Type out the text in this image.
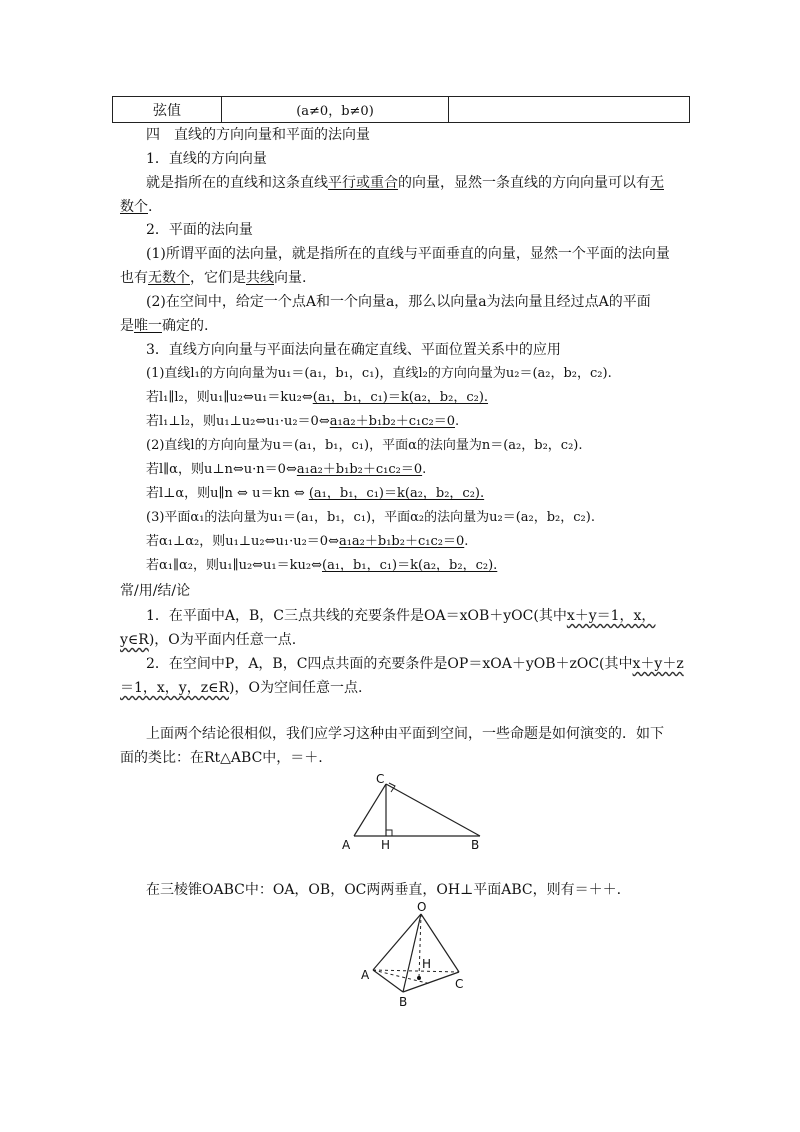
弦值	(a≠0，b≠0)	
四　直线的方向向量和平面的法向量
1．直线的方向向量
就是指所在的直线和这条直线平行或重合的向量，显然一条直线的方向向量可以有无
数个.
2．平面的法向量
(1)所谓平面的法向量，就是指所在的直线与平面垂直的向量，显然一个平面的法向量
也有无数个，它们是共线向量.
(2)在空间中，给定一个点A和一个向量a，那么以向量a为法向量且经过点A的平面
是唯一确定的.
3．直线方向向量与平面法向量在确定直线、平面位置关系中的应用
(1)直线l₁的方向向量为u₁＝(a₁，b₁，c₁)，直线l₂的方向向量为u₂＝(a₂，b₂，c₂).
若l₁∥l₂，则u₁∥u₂⇔u₁＝ku₂⇔(a₁，b₁，c₁)＝k(a₂，b₂，c₂).
若l₁⊥l₂，则u₁⊥u₂⇔u₁·u₂＝0⇔a₁a₂＋b₁b₂＋c₁c₂＝0.
(2)直线l的方向向量为u＝(a₁，b₁，c₁)，平面α的法向量为n＝(a₂，b₂，c₂).
若l∥α，则u⊥n⇔u·n＝0⇔a₁a₂＋b₁b₂＋c₁c₂＝0.
若l⊥α，则u∥n ⇔ u＝kn ⇔ (a₁，b₁，c₁)＝k(a₂，b₂，c₂).
(3)平面α₁的法向量为u₁＝(a₁，b₁，c₁)，平面α₂的法向量为u₂＝(a₂，b₂，c₂).
若α₁⊥α₂，则u₁⊥u₂⇔u₁·u₂＝0⇔a₁a₂＋b₁b₂＋c₁c₂＝0.
若α₁∥α₂，则u₁∥u₂⇔u₁＝ku₂⇔(a₁，b₁，c₁)＝k(a₂，b₂，c₂).
常/用/结/论
1．在平面中A，B，C三点共线的充要条件是OA＝xOB＋yOC(其中x＋y＝1，x，
y∈R)，O为平面内任意一点.
2．在空间中P，A，B，C四点共面的充要条件是OP＝xOA＋yOB＋zOC(其中x＋y＋z
＝1，x，y，z∈R)，O为空间任意一点.
上面两个结论很相似，我们应学习这种由平面到空间，一些命题是如何演变的．如下
面的类比：在Rt△ABC中，＝＋.
A	B
C
H
在三棱锥OABC中：OA，OB，OC两两垂直，OH⊥平面ABC，则有＝＋＋.
O
A
B
C
H
